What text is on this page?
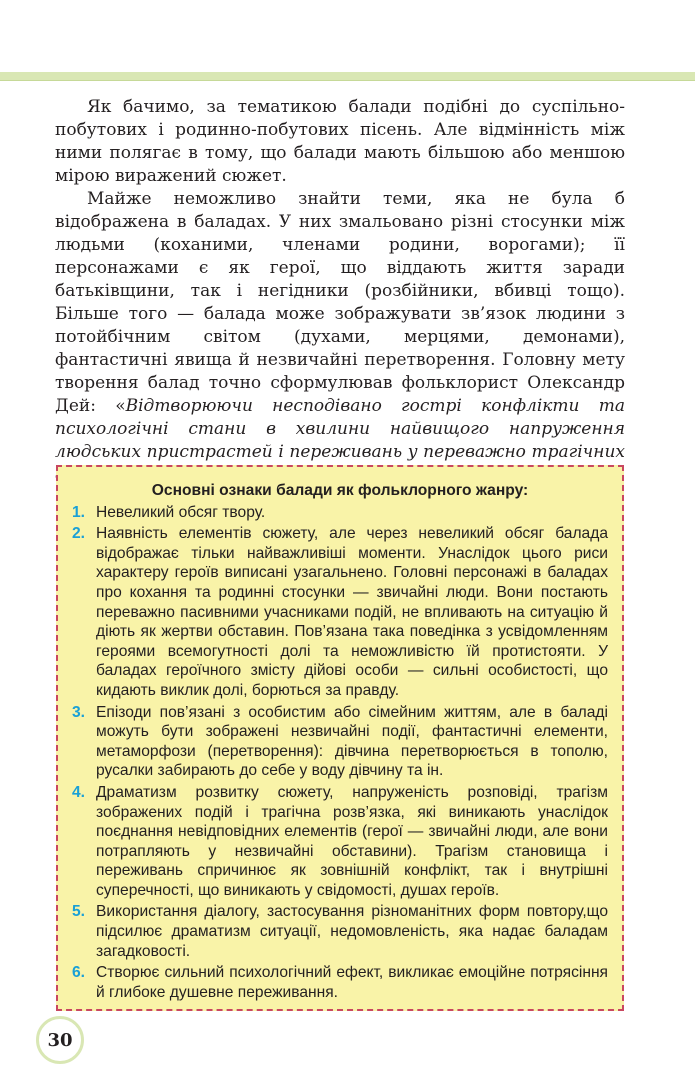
Як бачимо, за тематикою балади подібні до суспільно-побутових і родинно-побутових пісень. Але відмінність між ними полягає в тому, що балади мають більшою або меншою мірою виражений сюжет.

Майже неможливо знайти теми, яка не була б відображена в баладах. У них змальовано різні стосунки між людьми (коханими, членами родини, ворогами); її персонажами є як герої, що віддають життя заради батьківщини, так і негідники (розбійники, вбивці тощо). Більше того — балада може зображувати зв’язок людини з потойбічним світом (духами, мерцями, демонами), фантастичні явища й незвичайні перетворення. Головну мету творення балад точно сформулював фольклорист Олександр Дей: «Відтворюючи несподівано гострі конфлікти та психологічні стани в хвилини найвищого напруження людських пристрастей і переживань у переважно трагічних

Основні ознаки балади як фольклорного жанру:
1. Невеликий обсяг твору.
2. Наявність елементів сюжету, але через невеликий обсяг балада відображає тільки найважливіші моменти. Унаслідок цього риси характеру героїв виписані узагальнено. Головні персонажі в баладах про кохання та родинні стосунки — звичайні люди. Вони постають переважно пасивними учасниками подій, не впливають на ситуацію й діють як жертви обставин. Пов’язана така поведінка з усвідомленням героями всемогутності долі та неможливістю їй протистояти. У баладах героїчного змісту дійові особи — сильні особистості, що кидають виклик долі, борються за правду.
3. Епізоди пов’язані з особистим або сімейним життям, але в баладі можуть бути зображені незвичайні події, фантастичні елементи, метаморфози (перетворення): дівчина перетворюється в тополю, русалки забирають до себе у воду дівчину та ін.
4. Драматизм розвитку сюжету, напруженість розповіді, трагізм зображених подій і трагічна розв’язка, які виникають унаслідок поєднання невідповідних елементів (герої — звичайні люди, але вони потрапляють у незвичайні обставини). Трагізм становища і переживань спричинює як зовнішній конфлікт, так і внутрішні суперечності, що виникають у свідомості, душах героїв.
5. Використання діалогу, застосування різноманітних форм повтору,що підсилює драматизм ситуації, недомовленість, яка надає баладам загадковості.
6. Створює сильний психологічний ефект, викликає емоційне потрясіння й глибоке душевне переживання.
30
